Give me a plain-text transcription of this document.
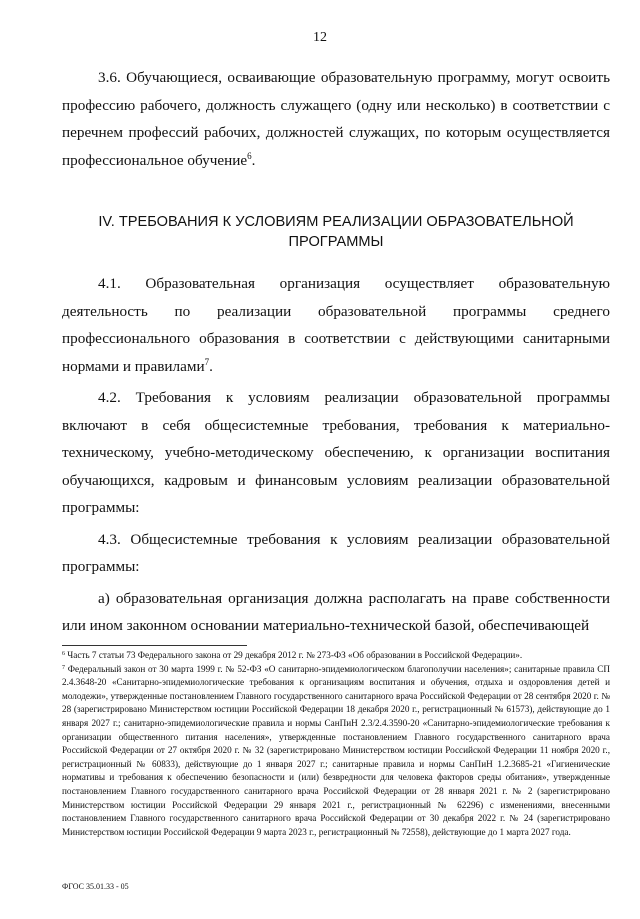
12

3.6. Обучающиеся, осваивающие образовательную программу, могут освоить профессию рабочего, должность служащего (одну или несколько) в соответствии с перечнем профессий рабочих, должностей служащих, по которым осуществляется профессиональное обучение$^6$.

IV. ТРЕБОВАНИЯ К УСЛОВИЯМ РЕАЛИЗАЦИИ ОБРАЗОВАТЕЛЬНОЙ
ПРОГРАММЫ

4.1. Образовательная организация осуществляет образовательную деятельность по реализации образовательной программы среднего профессионального образования в соответствии с действующими санитарными нормами и правилами$^7$.

4.2. Требования к условиям реализации образовательной программы включают в себя общесистемные требования, требования к материально-техническому, учебно-методическому обеспечению, к организации воспитания обучающихся, кадровым и финансовым условиям реализации образовательной программы:

4.3. Общесистемные требования к условиям реализации образовательной программы:

а) образовательная организация должна располагать на праве собственности или ином законном основании материально-технической базой, обеспечивающей

$^6$ Часть 7 статьи 73 Федерального закона от 29 декабря 2012 г. № 273-ФЗ «Об образовании в Российской Федерации».
$^7$ Федеральный закон от 30 марта 1999 г. № 52-ФЗ «О санитарно-эпидемиологическом благополучии населения»; санитарные правила СП 2.4.3648-20 «Санитарно-эпидемиологические требования к организациям воспитания и обучения, отдыха и оздоровления детей и молодежи», утвержденные постановлением Главного государственного санитарного врача Российской Федерации от 28 сентября 2020 г. № 28 (зарегистрировано Министерством юстиции Российской Федерации 18 декабря 2020 г., регистрационный № 61573), действующие до 1 января 2027 г.; санитарно-эпидемиологические правила и нормы СанПиН 2.3/2.4.3590-20 «Санитарно-эпидемиологические требования к организации общественного питания населения», утвержденные постановлением Главного государственного санитарного врача Российской Федерации от 27 октября 2020 г. № 32 (зарегистрировано Министерством юстиции Российской Федерации 11 ноября 2020 г., регистрационный № 60833), действующие до 1 января 2027 г.; санитарные правила и нормы СанПиН 1.2.3685-21 «Гигиенические нормативы и требования к обеспечению безопасности и (или) безвредности для человека факторов среды обитания», утвержденные постановлением Главного государственного санитарного врача Российской Федерации от 28 января 2021 г. № 2 (зарегистрировано Министерством юстиции Российской Федерации 29 января 2021 г., регистрационный № 62296) с изменениями, внесенными постановлением Главного государственного санитарного врача Российской Федерации от 30 декабря 2022 г. № 24 (зарегистрировано Министерством юстиции Российской Федерации 9 марта 2023 г., регистрационный № 72558), действующие до 1 марта 2027 года.
ФГОС 35.01.33 - 05
